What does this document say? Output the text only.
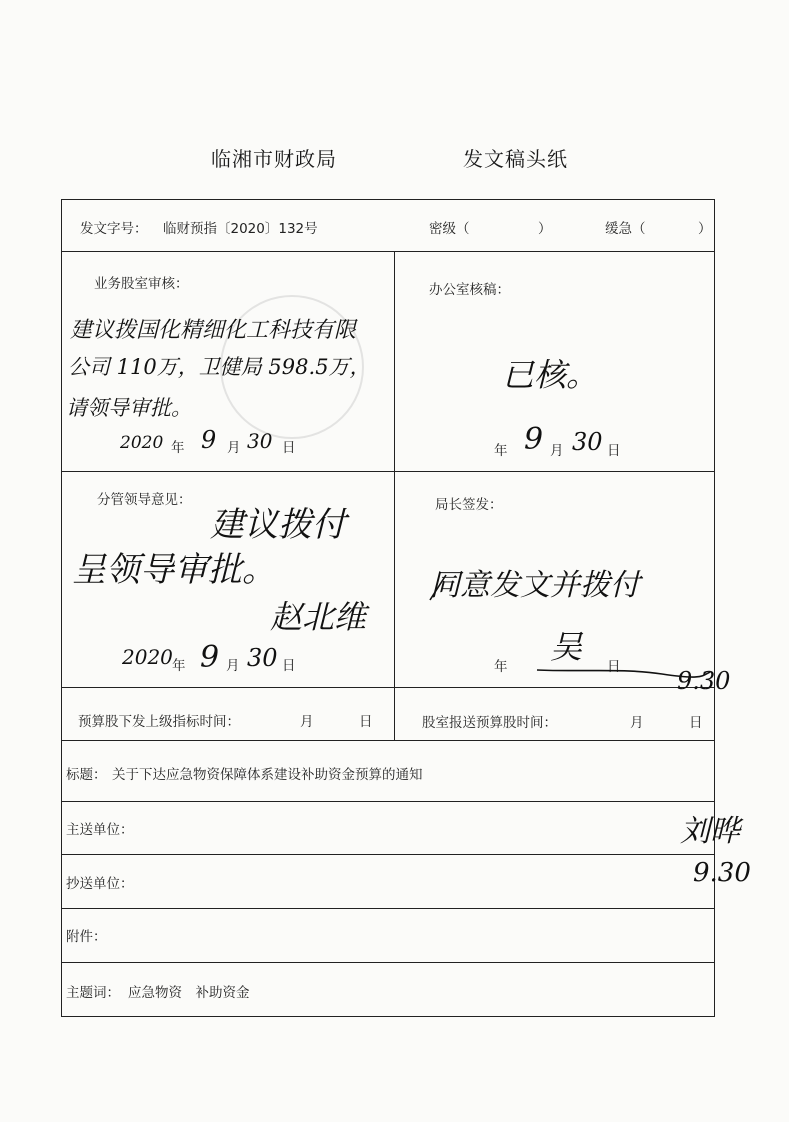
临湘市财政局	发文稿头纸
发文字号： 临财预指〔2020〕132号	密级（	）	缓急（	）
业务股室审核：
建议拨国化精细化工科技有限
公司 110万，卫健局 598.5万，
请领导审批。
2020 年 9 月 30 日
办公室核稿：
已核。
年 9 月 30 日
分管领导意见：
建议拨付
呈领导审批。
赵北维
2020 年 9 月 30 日
局长签发：
同意发文并拨付
年
吴
日 9.30
预算股下发上级指标时间：	月	日	股室报送预算股时间：	月	日
标题： 关于下达应急物资保障体系建设补助资金预算的通知
主送单位：
抄送单位：
附件：
主题词： 应急物资　补助资金
刘晔
9.30
